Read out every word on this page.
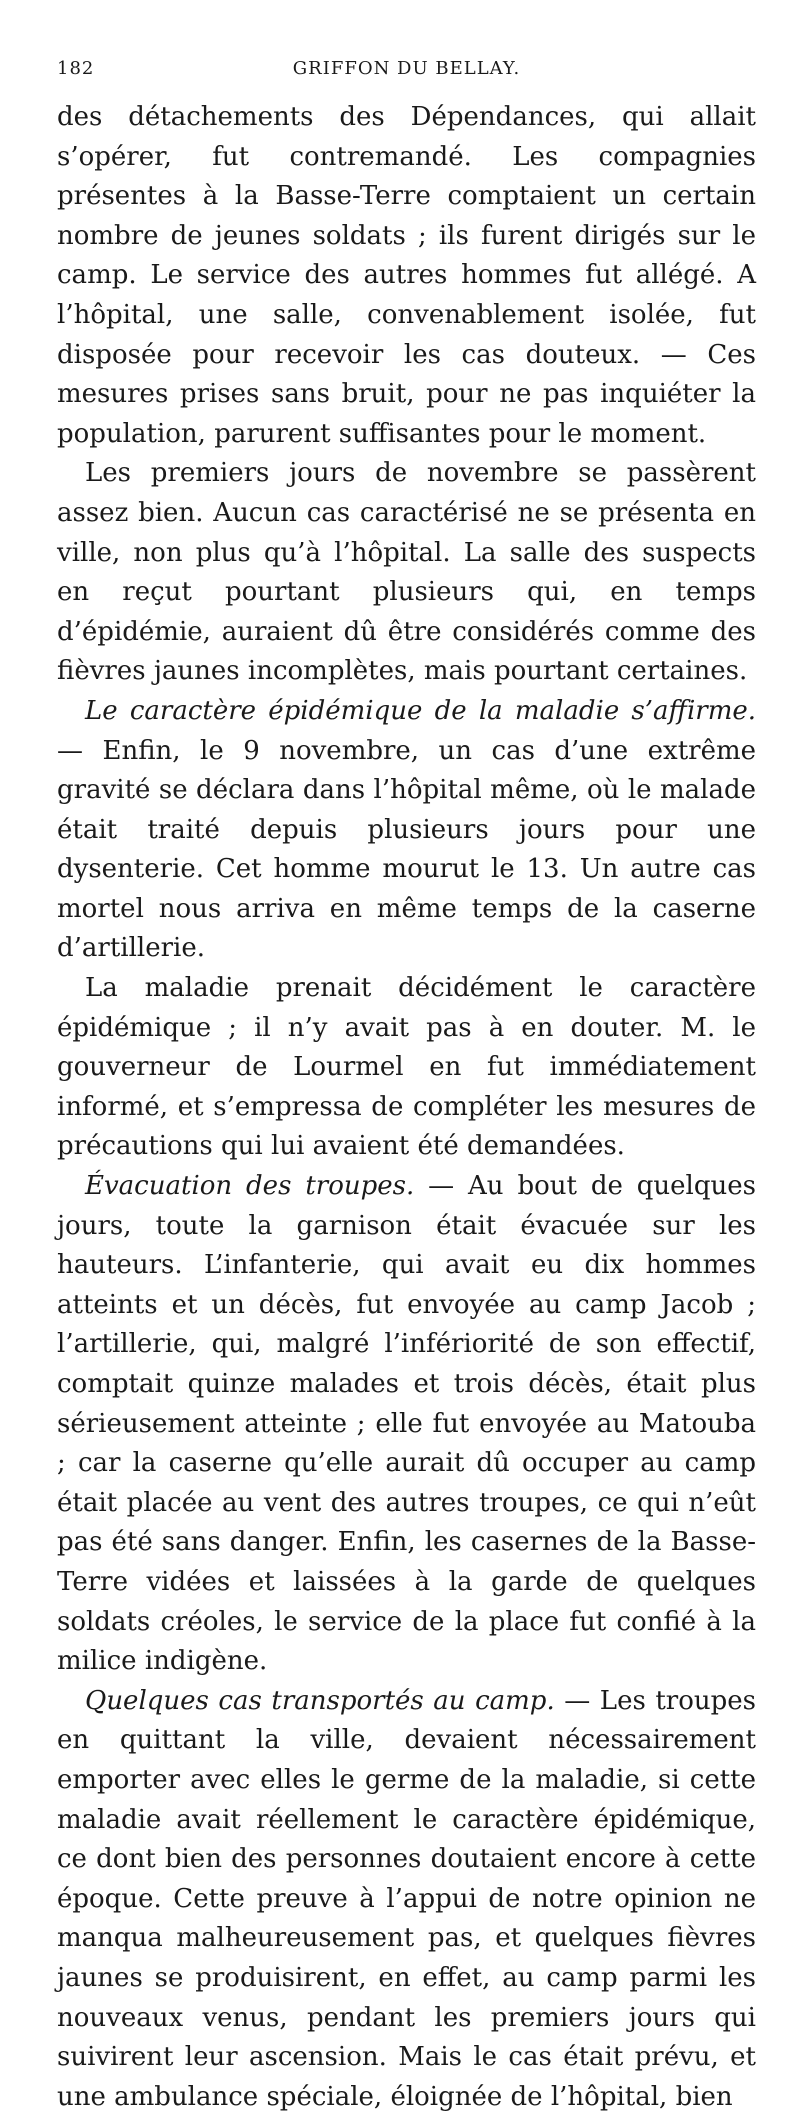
182	GRIFFON DU BELLAY.

des détachements des Dépendances, qui allait s’opérer, fut contremandé. Les compagnies présentes à la Basse-Terre comptaient un certain nombre de jeunes soldats ; ils furent dirigés sur le camp. Le service des autres hommes fut allégé. A l’hôpital, une salle, convenablement isolée, fut disposée pour recevoir les cas douteux. — Ces mesures prises sans bruit, pour ne pas inquiéter la population, parurent suffisantes pour le moment.

Les premiers jours de novembre se passèrent assez bien. Aucun cas caractérisé ne se présenta en ville, non plus qu’à l’hôpital. La salle des suspects en reçut pourtant plusieurs qui, en temps d’épidémie, auraient dû être considérés comme des fièvres jaunes incomplètes, mais pourtant certaines.

Le caractère épidémique de la maladie s’affirme. — Enfin, le 9 novembre, un cas d’une extrême gravité se déclara dans l’hôpital même, où le malade était traité depuis plusieurs jours pour une dysenterie. Cet homme mourut le 13. Un autre cas mortel nous arriva en même temps de la caserne d’artillerie.

La maladie prenait décidément le caractère épidémique ; il n’y avait pas à en douter. M. le gouverneur de Lourmel en fut immédiatement informé, et s’empressa de compléter les mesures de précautions qui lui avaient été demandées.

Évacuation des troupes. — Au bout de quelques jours, toute la garnison était évacuée sur les hauteurs. L’infanterie, qui avait eu dix hommes atteints et un décès, fut envoyée au camp Jacob ; l’artillerie, qui, malgré l’infériorité de son effectif, comptait quinze malades et trois décès, était plus sérieusement atteinte ; elle fut envoyée au Matouba ; car la caserne qu’elle aurait dû occuper au camp était placée au vent des autres troupes, ce qui n’eût pas été sans danger. Enfin, les casernes de la Basse-Terre vidées et laissées à la garde de quelques soldats créoles, le service de la place fut confié à la milice indigène.

Quelques cas transportés au camp. — Les troupes en quittant la ville, devaient nécessairement emporter avec elles le germe de la maladie, si cette maladie avait réellement le caractère épidémique, ce dont bien des personnes doutaient encore à cette époque. Cette preuve à l’appui de notre opinion ne manqua malheureusement pas, et quelques fièvres jaunes se produisirent, en effet, au camp parmi les nouveaux venus, pendant les premiers jours qui suivirent leur ascension. Mais le cas était prévu, et une ambulance spéciale, éloignée de l’hôpital, bien
